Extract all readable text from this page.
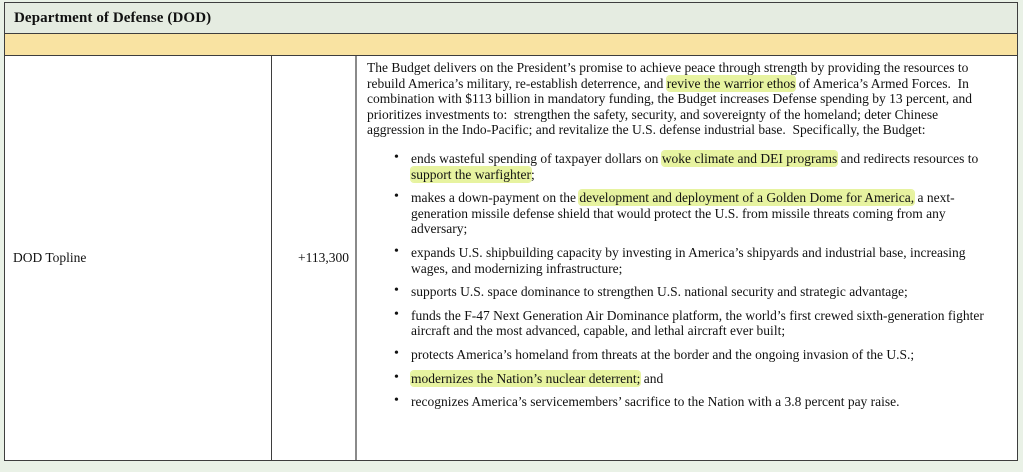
Department of Defense (DOD)
DOD Topline	+113,300

The Budget delivers on the President’s promise to achieve peace through strength by providing the resources to rebuild America’s military, re-establish deterrence, and revive the warrior ethos of America’s Armed Forces.  In combination with $113 billion in mandatory funding, the Budget increases Defense spending by 13 percent, and prioritizes investments to:  strengthen the safety, security, and sovereignty of the homeland; deter Chinese aggression in the Indo-Pacific; and revitalize the U.S. defense industrial base.  Specifically, the Budget:

• ends wasteful spending of taxpayer dollars on woke climate and DEI programs and redirects resources to support the warfighter;
• makes a down-payment on the development and deployment of a Golden Dome for America, a next-generation missile defense shield that would protect the U.S. from missile threats coming from any adversary;
• expands U.S. shipbuilding capacity by investing in America’s shipyards and industrial base, increasing wages, and modernizing infrastructure;
• supports U.S. space dominance to strengthen U.S. national security and strategic advantage;
• funds the F-47 Next Generation Air Dominance platform, the world’s first crewed sixth-generation fighter aircraft and the most advanced, capable, and lethal aircraft ever built;
• protects America’s homeland from threats at the border and the ongoing invasion of the U.S.;
• modernizes the Nation’s nuclear deterrent; and
• recognizes America’s servicemembers’ sacrifice to the Nation with a 3.8 percent pay raise.
